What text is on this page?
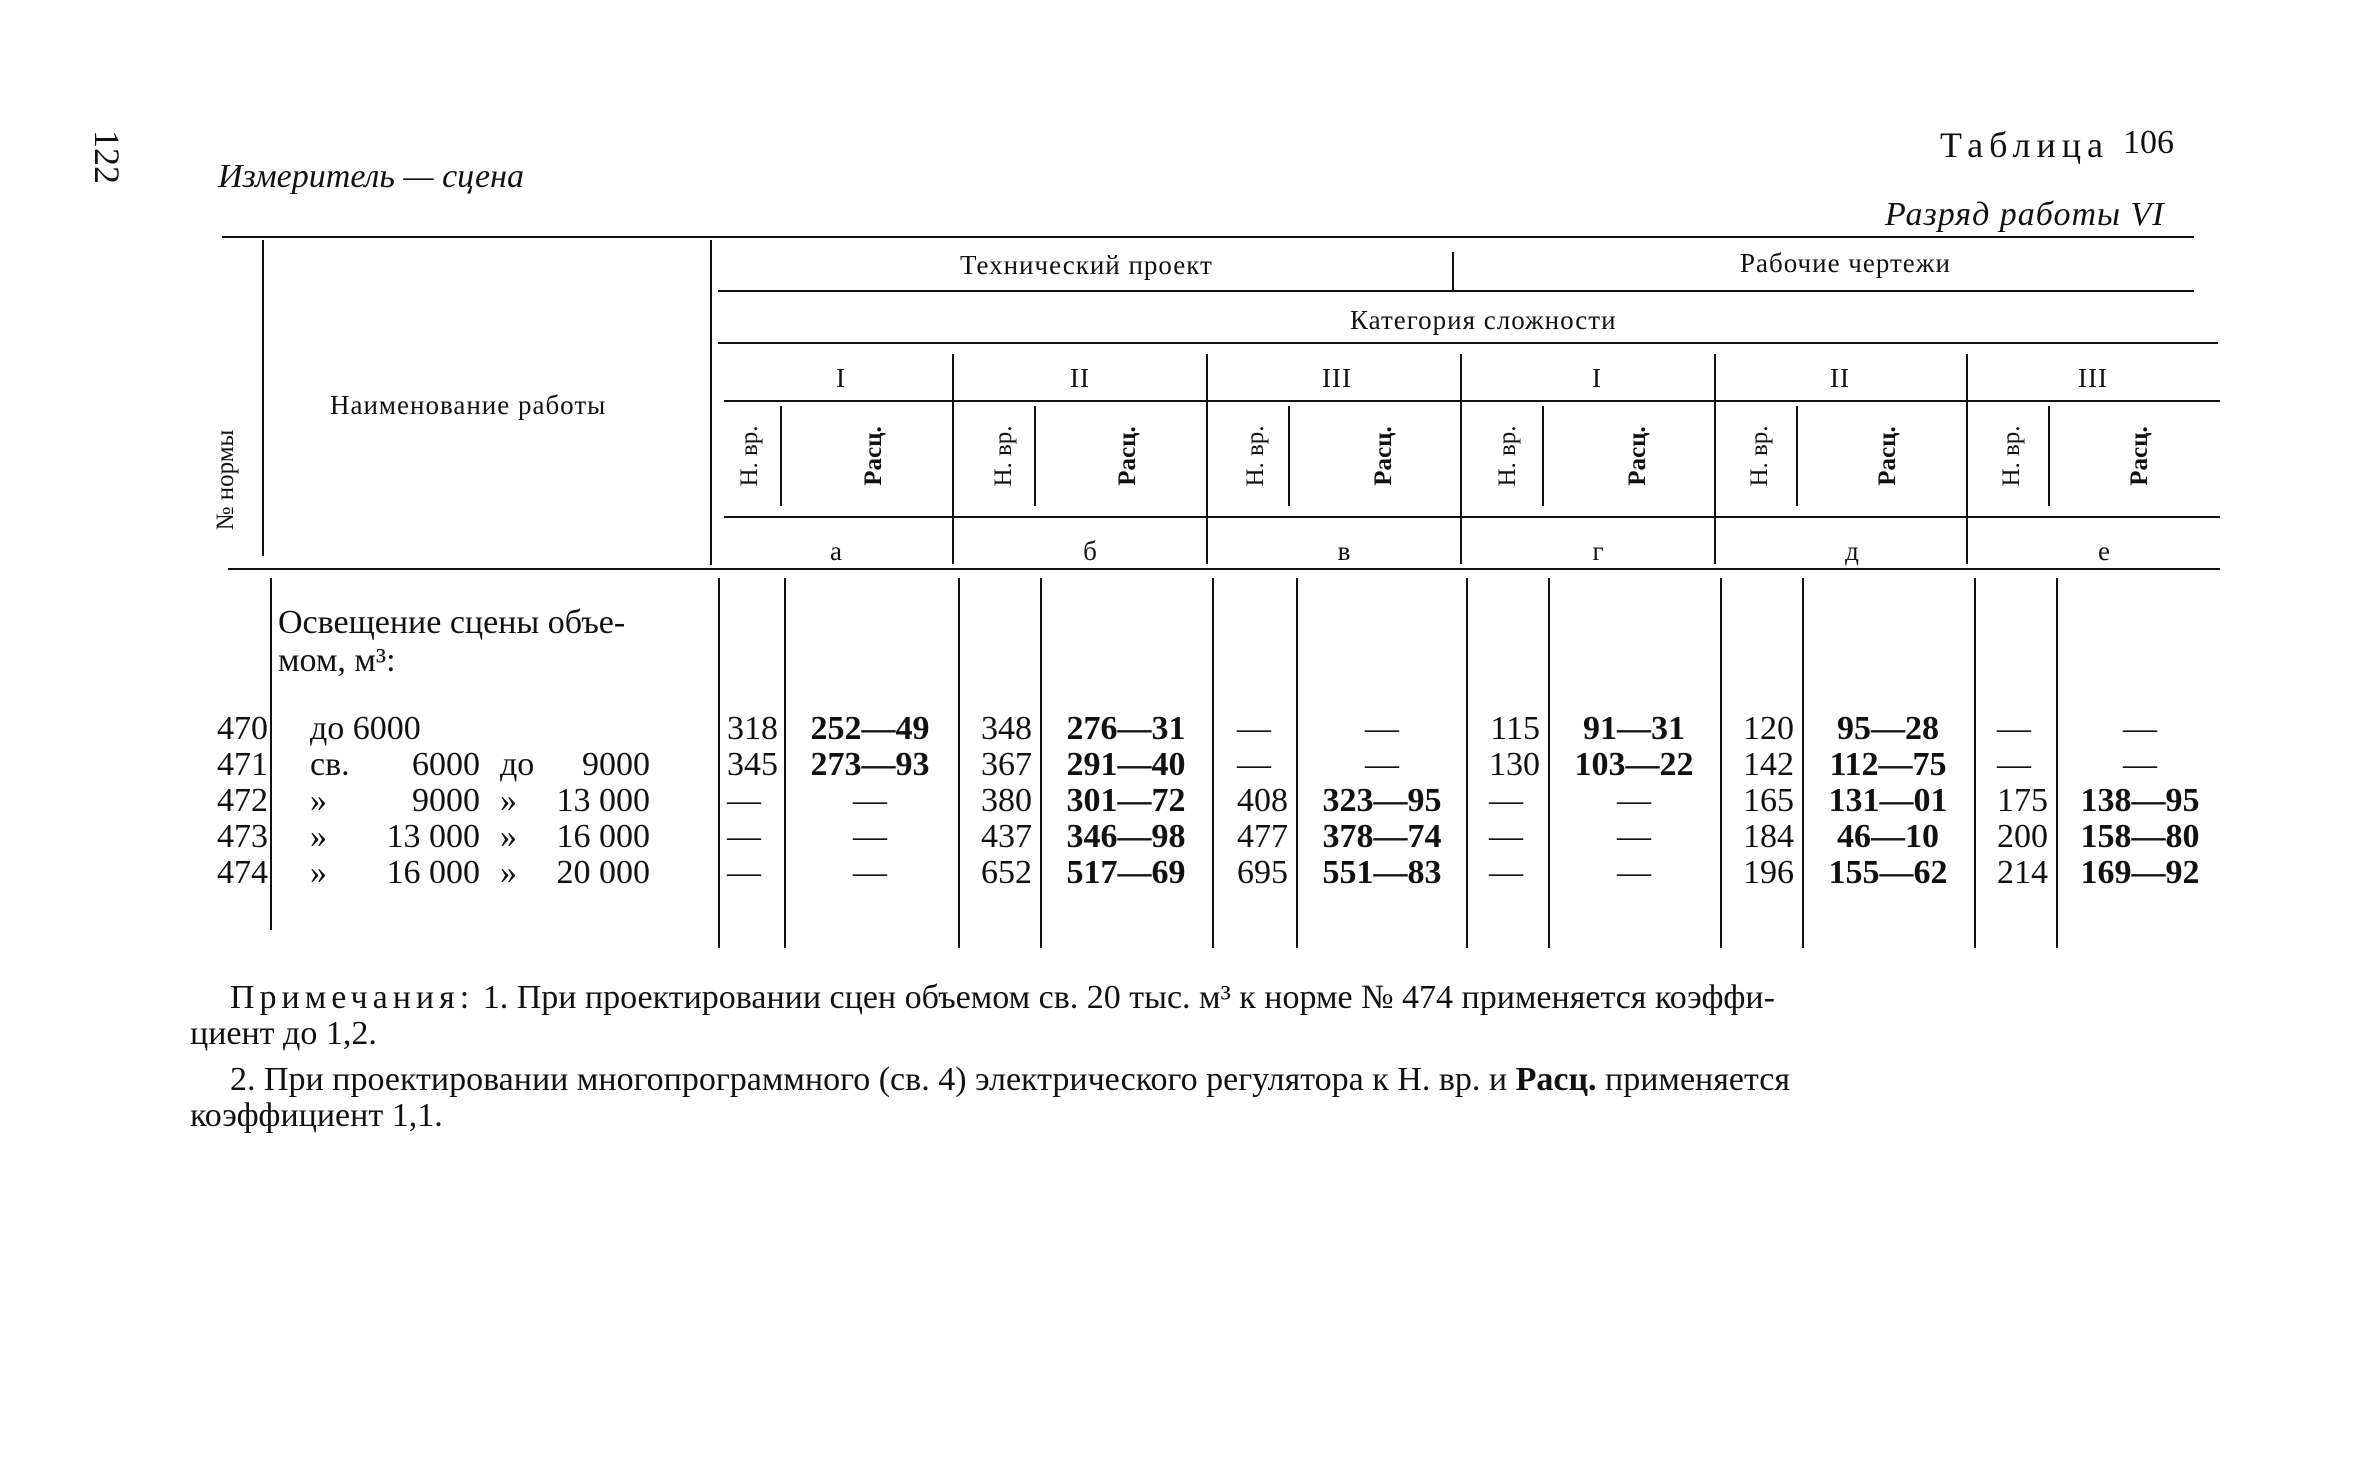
122	Измеритель — сцена
Таблица 106
Разряд работы VI
№ нормы
Наименование работы
Технический проект	Рабочие чертежи
Категория сложности
I	II	III	I	II	III
Н. вр.	Расц.	Н. вр.	Расц.	Н. вр.	Расц.	Н. вр.	Расц.	Н. вр.	Расц.	Н. вр.	Расц.
а	б	в	г	д	е
Освещение сцены объе-
мом, м³:
470 до 6000	318 252—49	348	276—31	—	—	115	91—31	120	95—28	—	—
471 св.	6000 до	9000	345 273—93	367	291—40	—	—	130	103—22	142	112—75	—	—
472 »	9000 »	13 000	—	—	380	301—72	408	323—95	—	—	165	131—01	175 138—95
473 »	13 000 »	16 000	—	—	437	346—98	477	378—74	—	—	184	46—10	200 158—80
474 »	16 000 »	20 000	—	—	652	517—69	695	551—83	—	—	196	155—62	214 169—92

Примечания: 1. При проектировании сцен объемом св. 20 тыс. м³ к норме № 474 применяется коэффи-
циент до 1,2.

2. При проектировании многопрограммного (св. 4) электрического регулятора к Н. вр. и Расц. применяется
коэффициент 1,1.
